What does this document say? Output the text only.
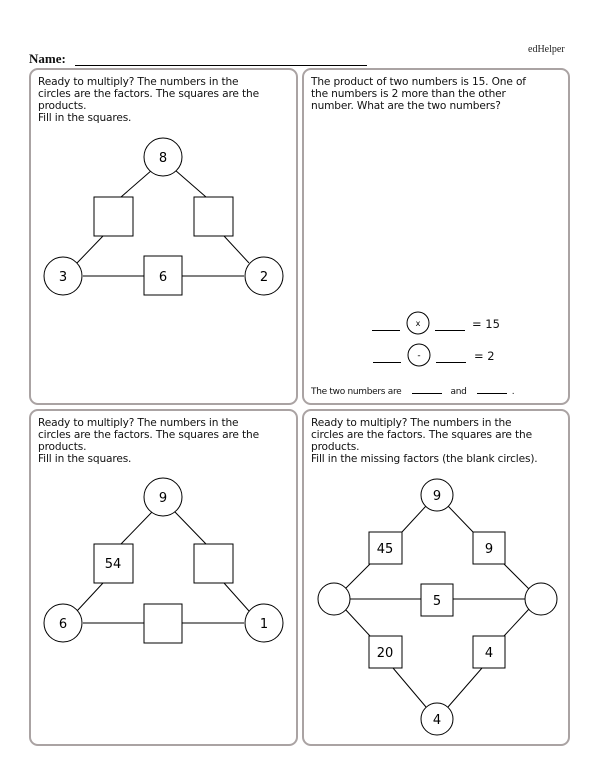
edHelper
Name:
Ready to multiply? The numbers in the
circles are the factors. The squares are the
products.
Fill in the squares.
8
3	2
6
The product of two numbers is 15. One of
the numbers is 2 more than the other
number. What are the two numbers?
x	= 15
-	= 2
The two numbers are	and	.
Ready to multiply? The numbers in the
circles are the factors. The squares are the
products.
Fill in the squares.
9
6	1
54
Ready to multiply? The numbers in the
circles are the factors. The squares are the
products.
Fill in the missing factors (the blank circles).
9
4
45	9
5
20	4
